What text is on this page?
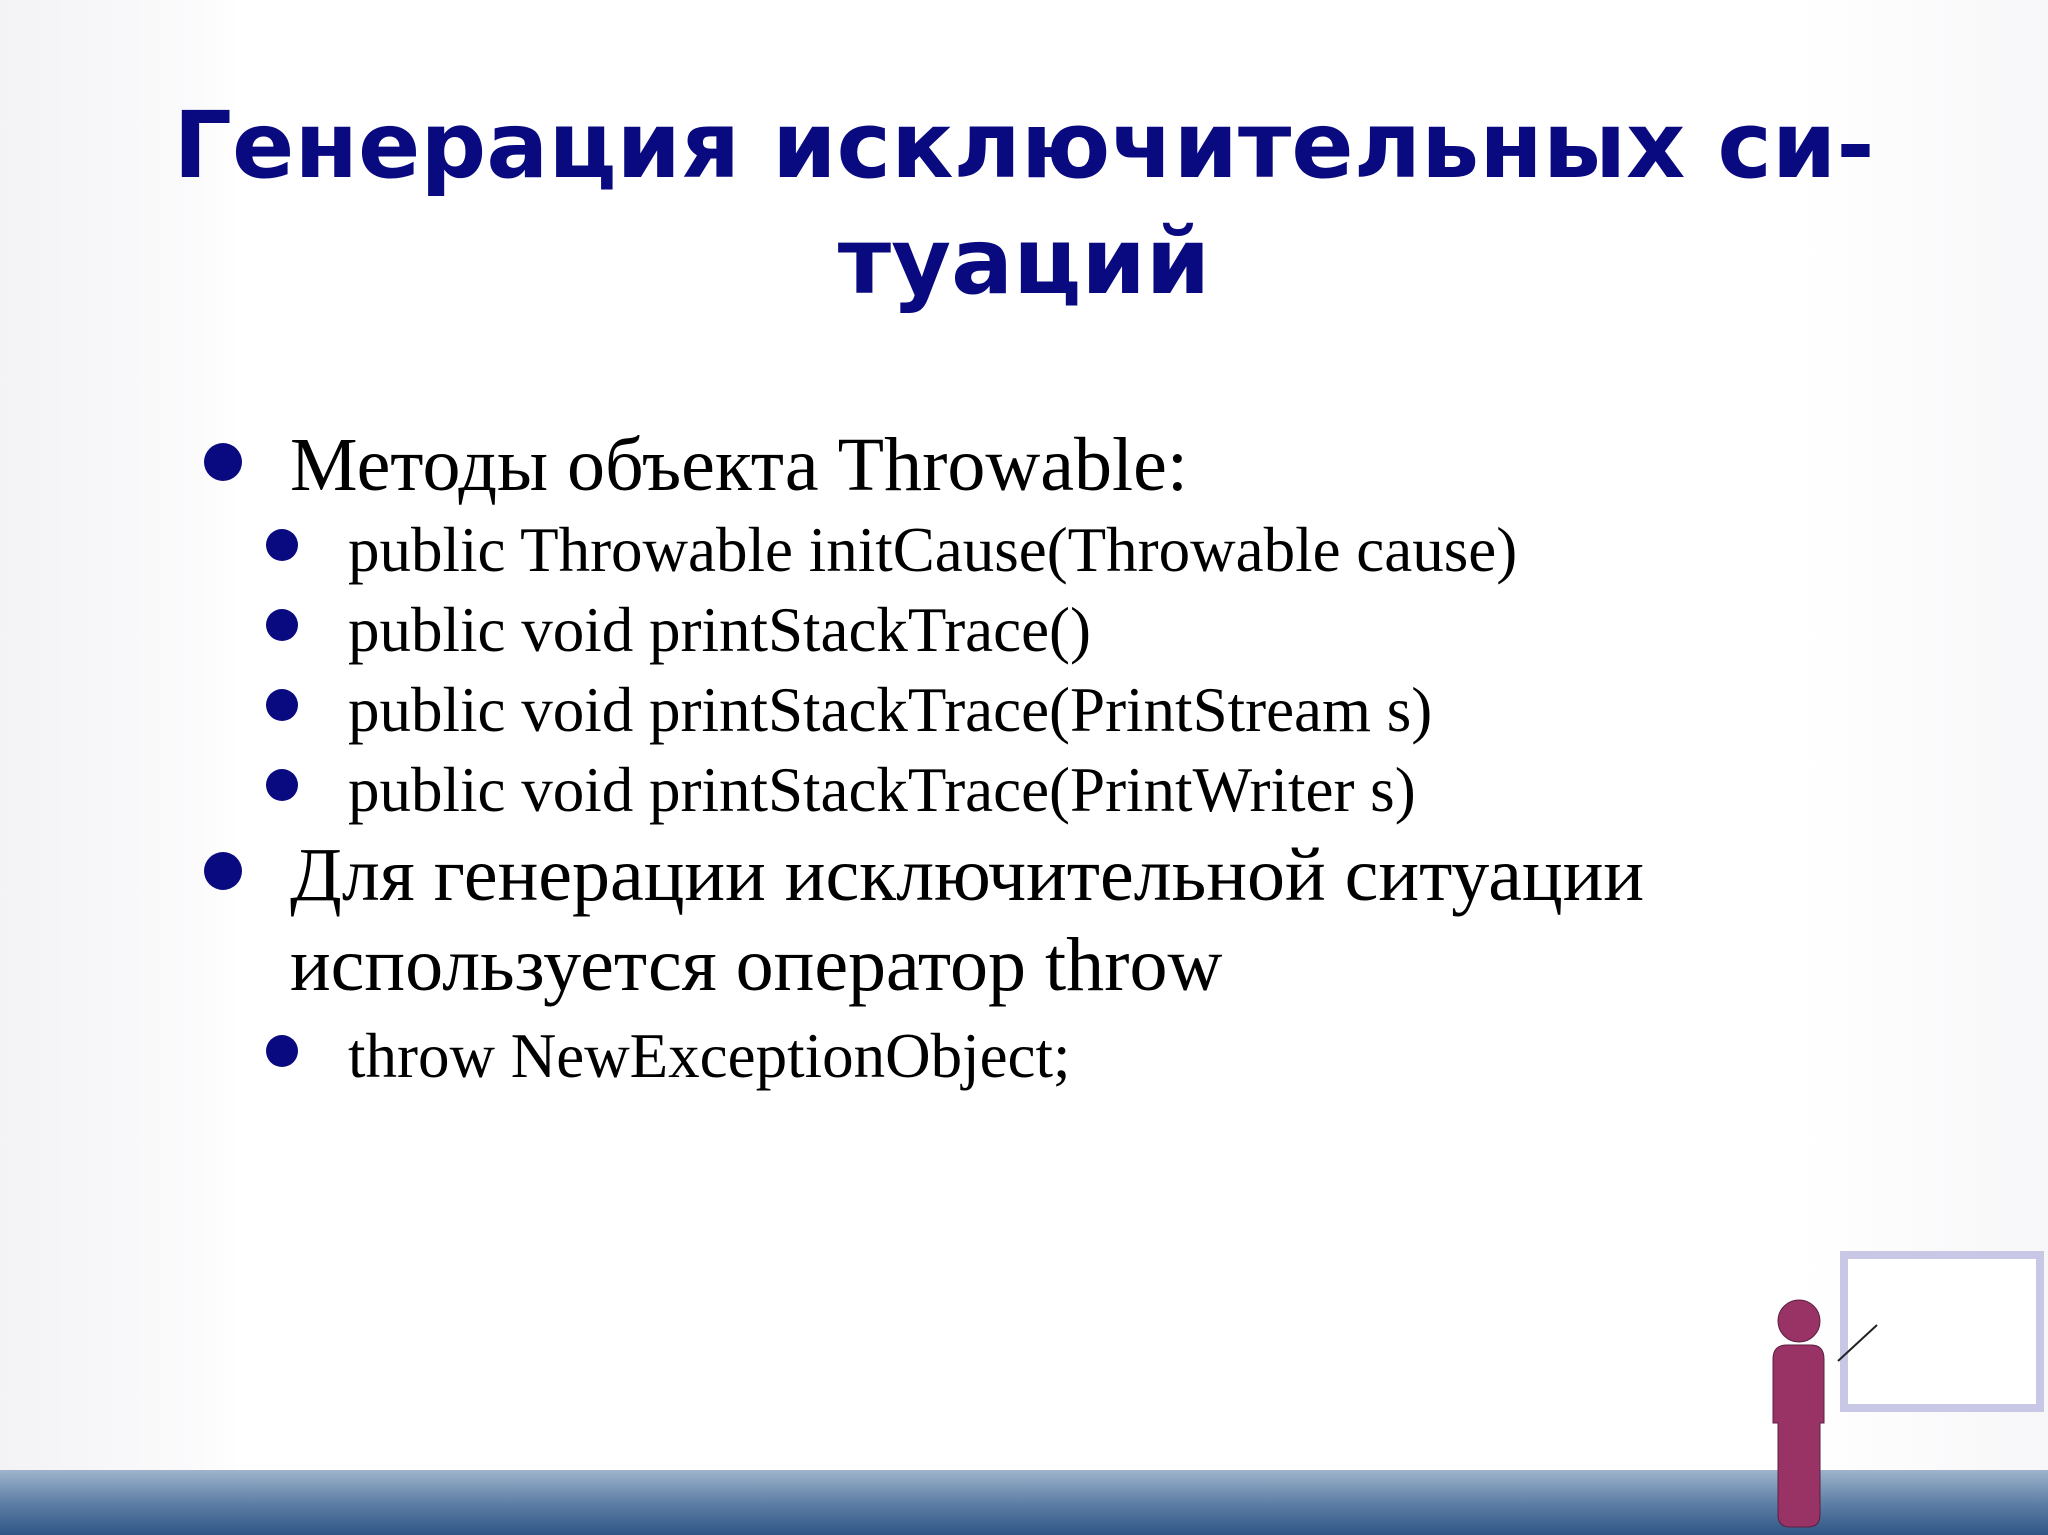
Генерация исключительных си-
туаций
Методы объекта Throwable:
public Throwable initCause(Throwable cause)
public void printStackTrace()
public void printStackTrace(PrintStream s)
public void printStackTrace(PrintWriter s)
Для генерации исключительной ситуации
используется оператор throw
throw NewExceptionObject;
